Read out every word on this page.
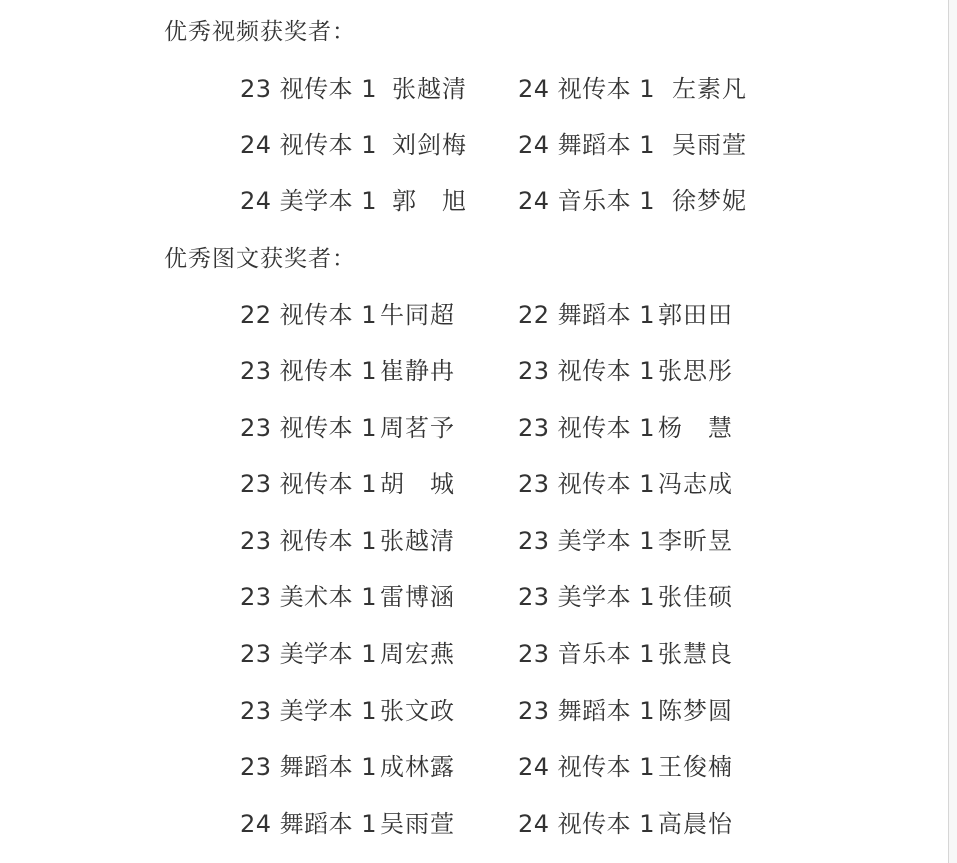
优秀视频获奖者：
23 视传本 1 张越清 24 视传本 1 左素凡
24 视传本 1 刘剑梅 24 舞蹈本 1 吴雨萱
24 美学本 1 郭　旭 24 音乐本 1 徐梦妮
优秀图文获奖者：
22 视传本 1 牛同超	22 舞蹈本 1 郭田田
23 视传本 1 崔静冉	23 视传本 1 张思彤
23 视传本 1 周茗予	23 视传本 1 杨　慧
23 视传本 1 胡　城	23 视传本 1 冯志成
23 视传本 1 张越清	23 美学本 1 李昕昱
23 美术本 1 雷博涵	23 美学本 1 张佳硕
23 美学本 1 周宏燕	23 音乐本 1 张慧良
23 美学本 1 张文政	23 舞蹈本 1 陈梦圆
23 舞蹈本 1 成林露	24 视传本 1 王俊楠
24 舞蹈本 1 吴雨萱	24 视传本 1 高晨怡
